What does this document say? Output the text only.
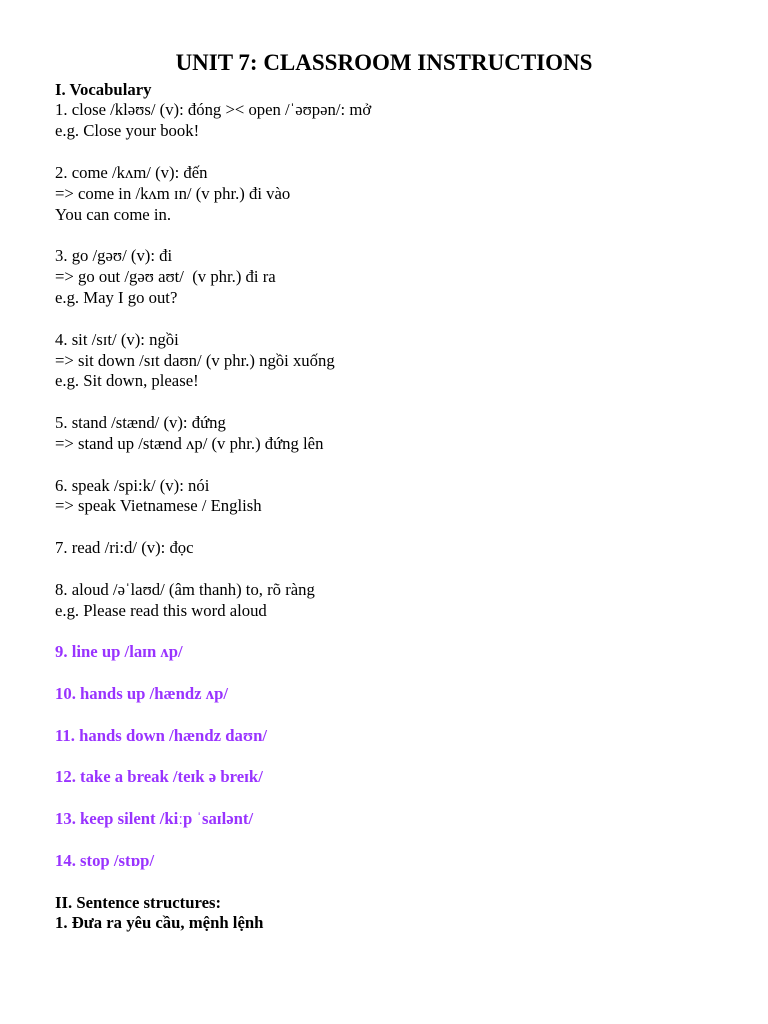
UNIT 7: CLASSROOM INSTRUCTIONS
I. Vocabulary
1. close /kləʊs/ (v): đóng >< open /ˈəʊpən/: mở
e.g. Close your book!
2. come /kʌm/ (v): đến
=> come in /kʌm ɪn/ (v phr.) đi vào
You can come in.
3. go /gəʊ/ (v): đi
=> go out /gəʊ aʊt/  (v phr.) đi ra
e.g. May I go out?
4. sit /sɪt/ (v): ngồi
=> sit down /sɪt daʊn/ (v phr.) ngồi xuống
e.g. Sit down, please!
5. stand /stænd/ (v): đứng
=> stand up /stænd ʌp/ (v phr.) đứng lên
6. speak /spi:k/ (v): nói
=> speak Vietnamese / English
7. read /ri:d/ (v): đọc
8. aloud /əˈlaʊd/ (âm thanh) to, rõ ràng
e.g. Please read this word aloud
9. line up /laɪn ʌp/
10. hands up /hændz ʌp/
11. hands down /hændz daʊn/
12. take a break /teɪk ə breɪk/
13. keep silent /kiːp ˈsaɪlənt/
14. stop /stɒp/
II. Sentence structures:
1. Đưa ra yêu cầu, mệnh lệnh
